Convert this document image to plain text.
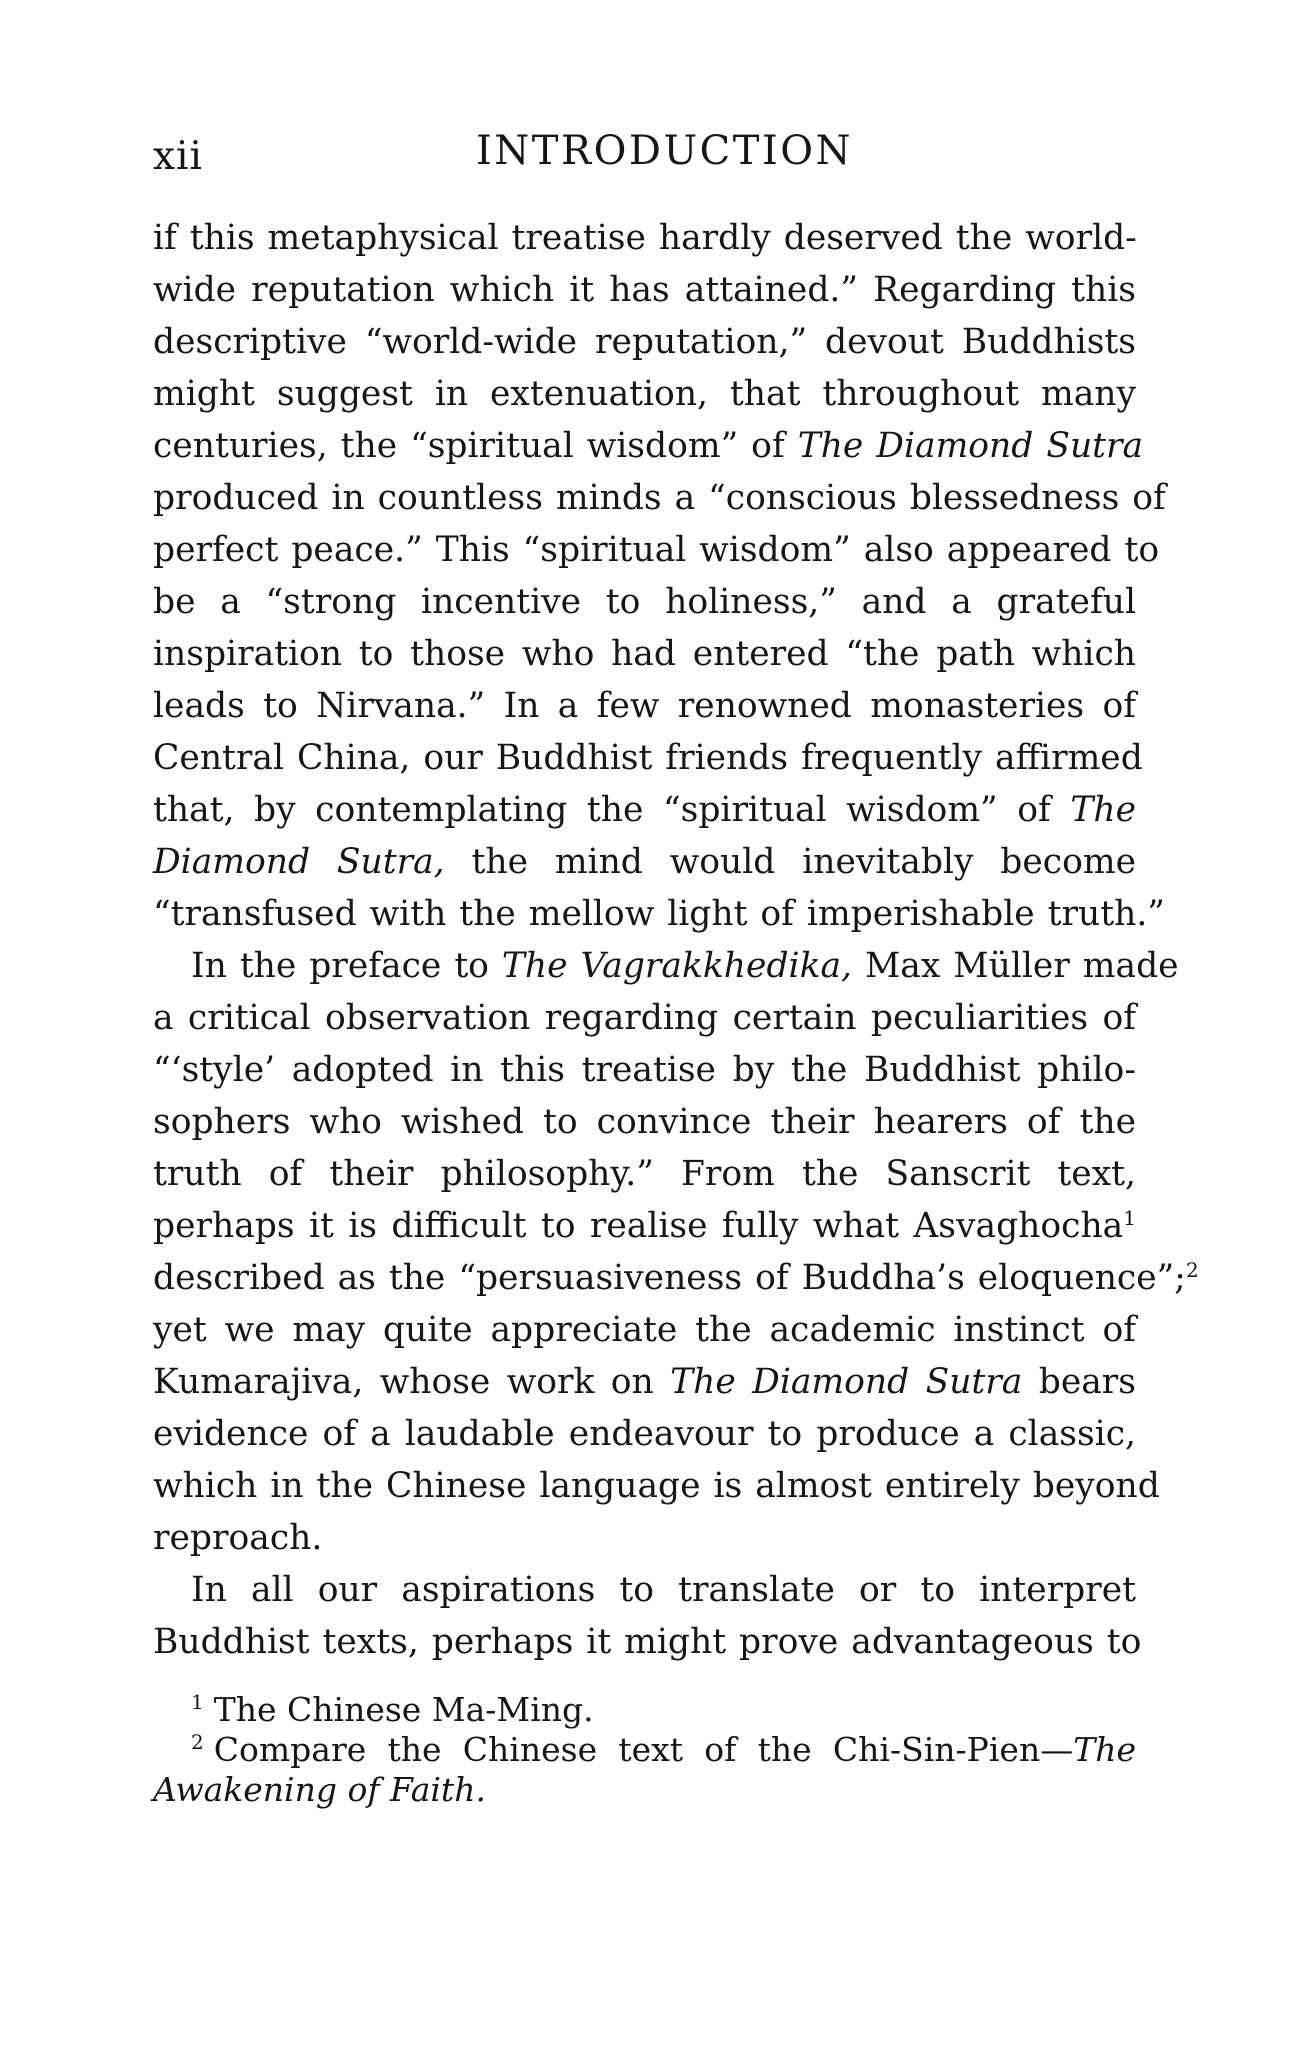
xii	INTRODUCTION
if this metaphysical treatise hardly deserved the world-
wide reputation which it has attained.” Regarding this
descriptive “world-wide reputation,” devout Buddhists
might suggest in extenuation, that throughout many
centuries, the “spiritual wisdom” of The Diamond Sutra
produced in countless minds a “conscious blessedness of
perfect peace.” This “spiritual wisdom” also appeared to
be a “strong incentive to holiness,” and a grateful
inspiration to those who had entered “the path which
leads to Nirvana.” In a few renowned monasteries of
Central China, our Buddhist friends frequently affirmed
that, by contemplating the “spiritual wisdom” of The
Diamond Sutra, the mind would inevitably become
“transfused with the mellow light of imperishable truth.”
In the preface to The Vagrakkhedika, Max Müller made
a critical observation regarding certain peculiarities of
“‘style’ adopted in this treatise by the Buddhist philo-
sophers who wished to convince their hearers of the
truth of their philosophy.” From the Sanscrit text,
perhaps it is difficult to realise fully what Asvaghocha$^1$
described as the “persuasiveness of Buddha’s eloquence”;$^2$
yet we may quite appreciate the academic instinct of
Kumarajiva, whose work on The Diamond Sutra bears
evidence of a laudable endeavour to produce a classic,
which in the Chinese language is almost entirely beyond
reproach.
In all our aspirations to translate or to interpret
Buddhist texts, perhaps it might prove advantageous to
$^1$ The Chinese Ma-Ming.
$^2$ Compare the Chinese text of the Chi-Sin-Pien—The
Awakening of Faith.
